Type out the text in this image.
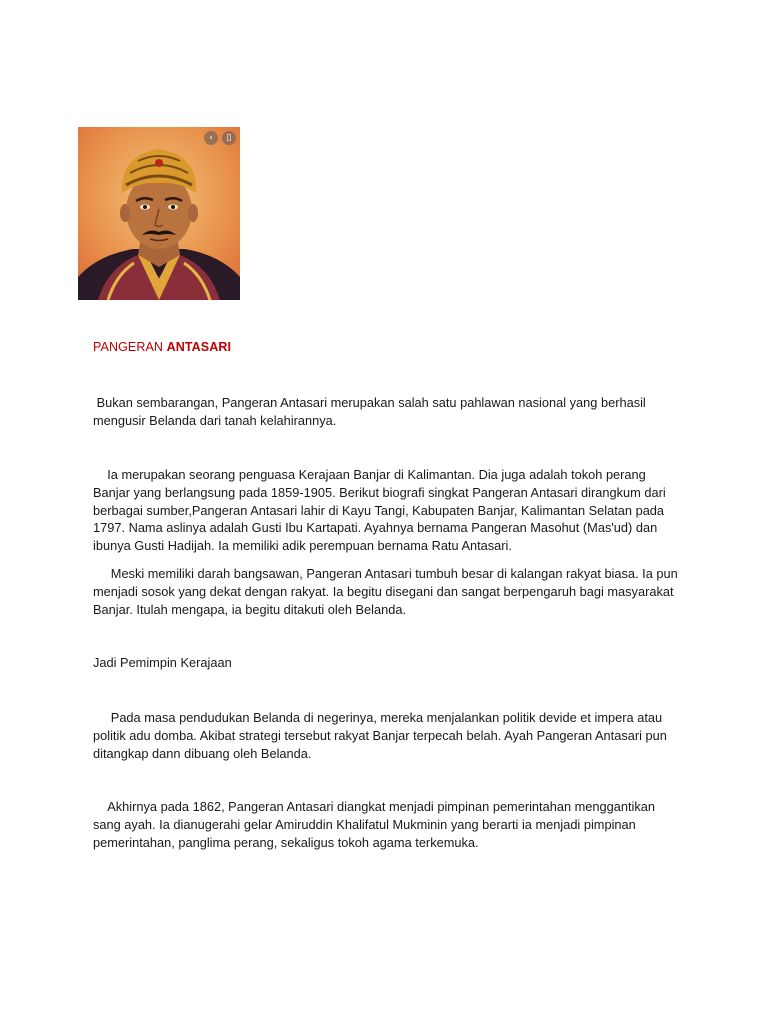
‹	▯
PANGERAN ANTASARI

Bukan sembarangan, Pangeran Antasari merupakan salah satu pahlawan nasional yang berhasil mengusir Belanda dari tanah kelahirannya.

Ia merupakan seorang penguasa Kerajaan Banjar di Kalimantan. Dia juga adalah tokoh perang Banjar yang berlangsung pada 1859-1905. Berikut biografi singkat Pangeran Antasari dirangkum dari berbagai sumber,Pangeran Antasari lahir di Kayu Tangi, Kabupaten Banjar, Kalimantan Selatan pada 1797. Nama aslinya adalah Gusti Ibu Kartapati. Ayahnya bernama Pangeran Masohut (Mas'ud) dan ibunya Gusti Hadijah. Ia memiliki adik perempuan bernama Ratu Antasari.

Meski memiliki darah bangsawan, Pangeran Antasari tumbuh besar di kalangan rakyat biasa. Ia pun menjadi sosok yang dekat dengan rakyat. Ia begitu disegani dan sangat berpengaruh bagi masyarakat Banjar. Itulah mengapa, ia begitu ditakuti oleh Belanda.

Jadi Pemimpin Kerajaan

Pada masa pendudukan Belanda di negerinya, mereka menjalankan politik devide et impera atau politik adu domba. Akibat strategi tersebut rakyat Banjar terpecah belah. Ayah Pangeran Antasari pun ditangkap dann dibuang oleh Belanda.

Akhirnya pada 1862, Pangeran Antasari diangkat menjadi pimpinan pemerintahan menggantikan sang ayah. Ia dianugerahi gelar Amiruddin Khalifatul Mukminin yang berarti ia menjadi pimpinan pemerintahan, panglima perang, sekaligus tokoh agama terkemuka.
